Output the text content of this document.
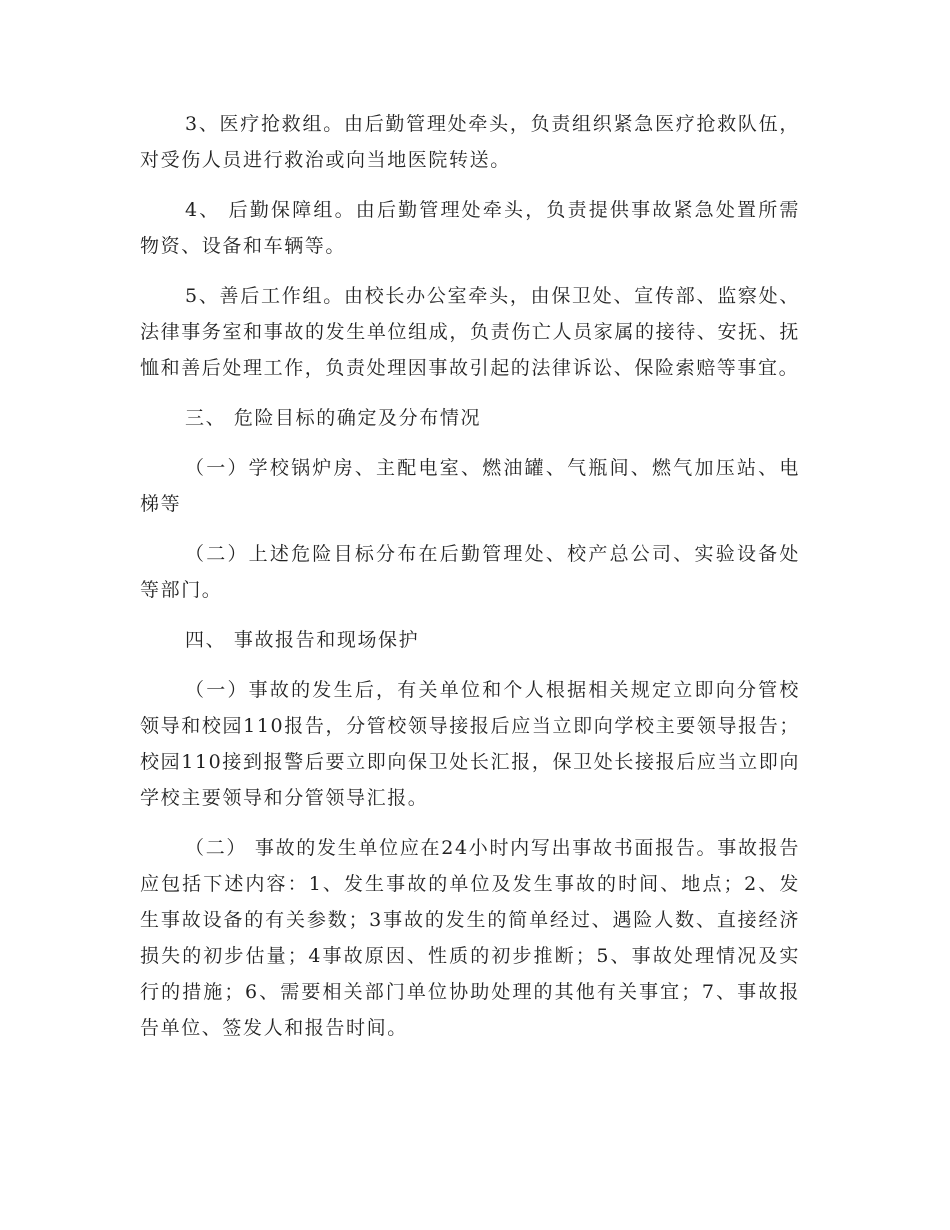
3、医疗抢救组。由后勤管理处牵头，负责组织紧急医疗抢救队伍，对受伤人员进行救治或向当地医院转送。

4、 后勤保障组。由后勤管理处牵头，负责提供事故紧急处置所需物资、设备和车辆等。

5、善后工作组。由校长办公室牵头，由保卫处、宣传部、监察处、法律事务室和事故的发生单位组成，负责伤亡人员家属的接待、安抚、抚恤和善后处理工作，负责处理因事故引起的法律诉讼、保险索赔等事宜。

三、 危险目标的确定及分布情况

（一）学校锅炉房、主配电室、燃油罐、气瓶间、燃气加压站、电梯等

（二）上述危险目标分布在后勤管理处、校产总公司、实验设备处等部门。

四、 事故报告和现场保护

（一）事故的发生后，有关单位和个人根据相关规定立即向分管校领导和校园110报告，分管校领导接报后应当立即向学校主要领导报告；校园110接到报警后要立即向保卫处长汇报，保卫处长接报后应当立即向学校主要领导和分管领导汇报。

（二） 事故的发生单位应在24小时内写出事故书面报告。事故报告应包括下述内容：1、发生事故的单位及发生事故的时间、地点；2、发生事故设备的有关参数；3事故的发生的简单经过、遇险人数、直接经济损失的初步估量；4事故原因、性质的初步推断；5、事故处理情况及实行的措施；6、需要相关部门单位协助处理的其他有关事宜；7、事故报告单位、签发人和报告时间。
